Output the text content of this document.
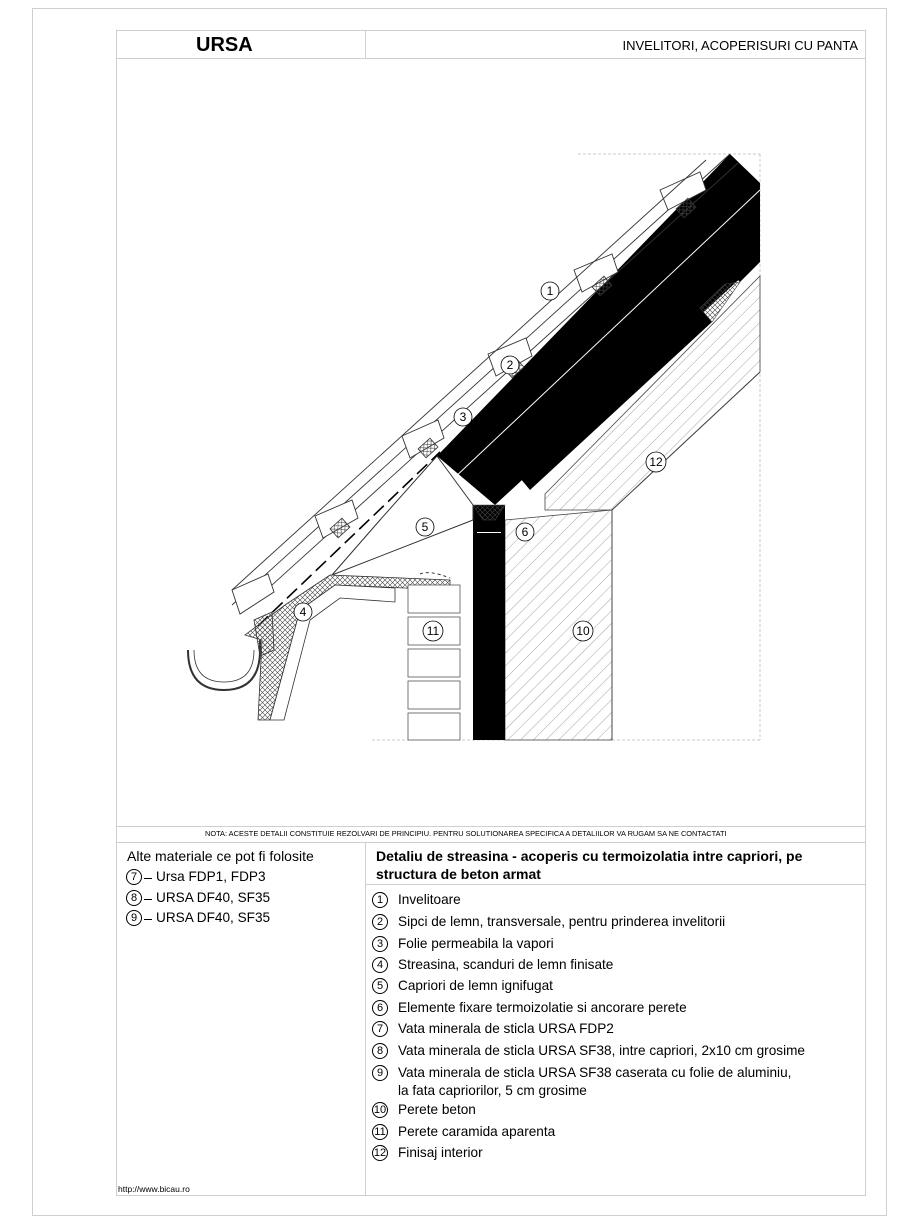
URSA	INVELITORI, ACOPERISURI CU PANTA
1
2
3
4
5	6
10
11
12
NOTA: ACESTE DETALII CONSTITUIE REZOLVARI DE PRINCIPIU. PENTRU SOLUTIONAREA SPECIFICA A DETALIILOR VA RUGAM SA NE CONTACTATI
Alte materiale ce pot fi folosite
7	Ursa FDP1, FDP3
8	URSA DF40, SF35
9	URSA DF40, SF35
Detaliu de streasina - acoperis cu termoizolatia intre capriori, pe
structura de beton armat
1	Invelitoare
2	Sipci de lemn, transversale, pentru prinderea invelitorii
3	Folie permeabila la vapori
4	Streasina, scanduri de lemn finisate
5	Capriori de lemn ignifugat
6	Elemente fixare termoizolatie si ancorare perete
7	Vata minerala de sticla URSA FDP2
8	Vata minerala de sticla URSA SF38, intre capriori, 2x10 cm grosime
9	Vata minerala de sticla URSA SF38 caserata cu folie de aluminiu,
la fata capriorilor, 5 cm grosime
10 Perete beton
11 Perete caramida aparenta
12 Finisaj interior
http://www.bicau.ro
